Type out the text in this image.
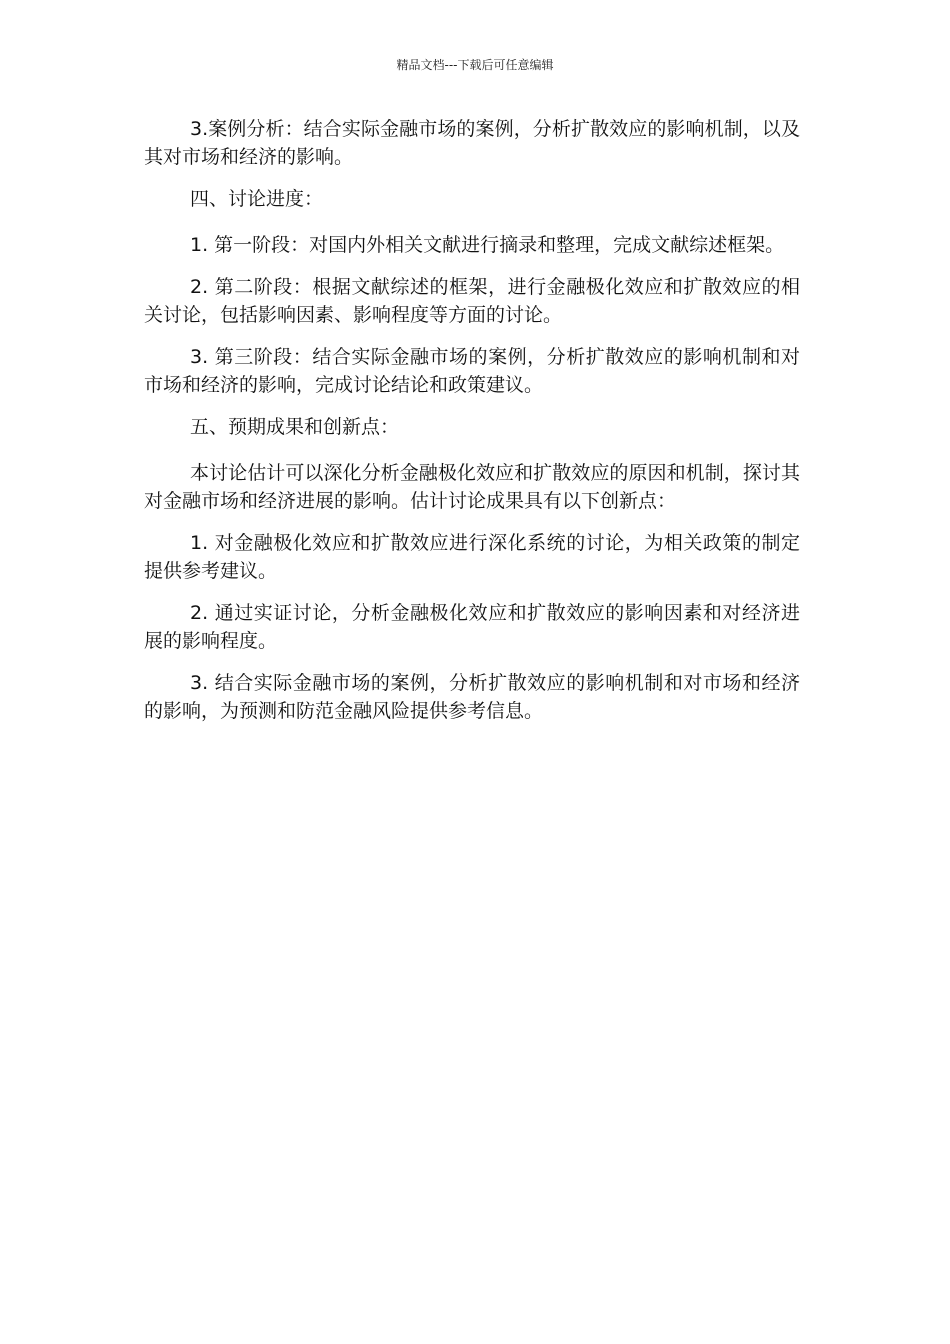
精品文档---下载后可任意编辑

3.案例分析：结合实际金融市场的案例，分析扩散效应的影响机制，以及其对市场和经济的影响。

四、讨论进度：

1. 第一阶段：对国内外相关文献进行摘录和整理，完成文献综述框架。

2. 第二阶段：根据文献综述的框架，进行金融极化效应和扩散效应的相关讨论，包括影响因素、影响程度等方面的讨论。

3. 第三阶段：结合实际金融市场的案例，分析扩散效应的影响机制和对市场和经济的影响，完成讨论结论和政策建议。

五、预期成果和创新点：

本讨论估计可以深化分析金融极化效应和扩散效应的原因和机制，探讨其对金融市场和经济进展的影响。估计讨论成果具有以下创新点：

1. 对金融极化效应和扩散效应进行深化系统的讨论，为相关政策的制定提供参考建议。

2. 通过实证讨论，分析金融极化效应和扩散效应的影响因素和对经济进展的影响程度。

3. 结合实际金融市场的案例，分析扩散效应的影响机制和对市场和经济的影响，为预测和防范金融风险提供参考信息。
